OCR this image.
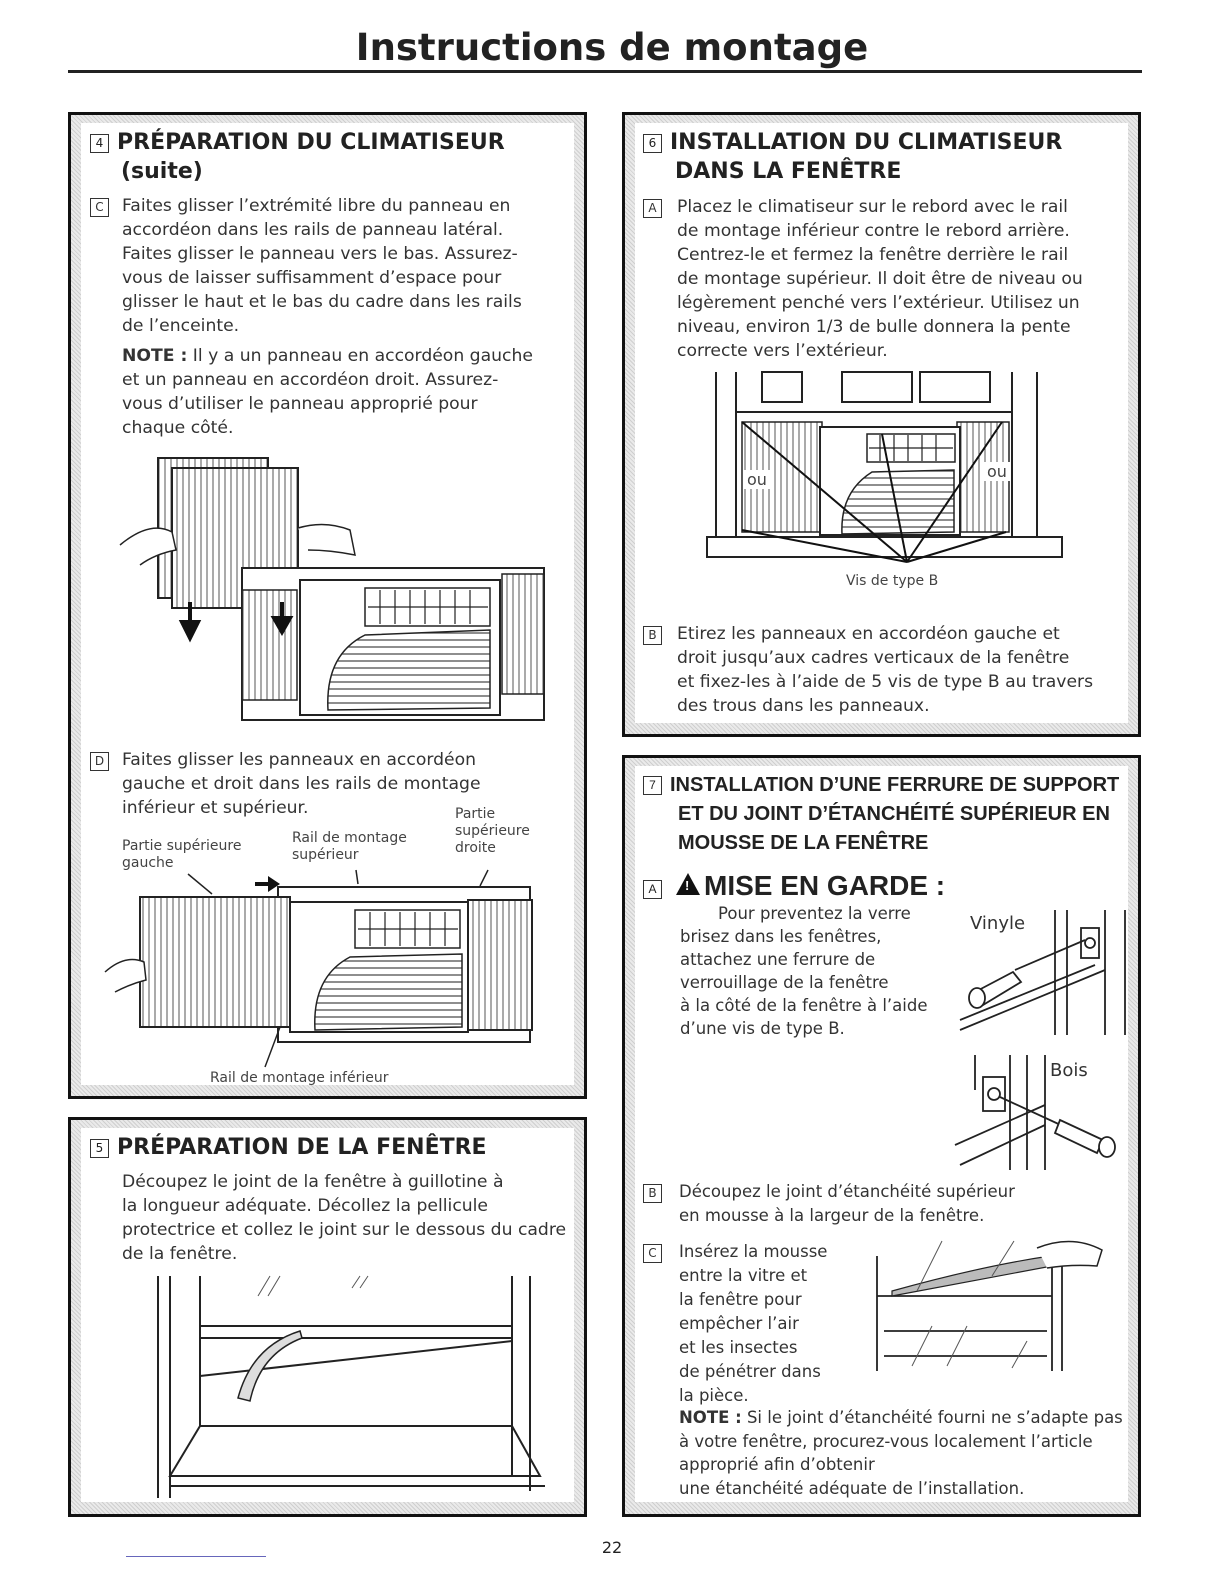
Instructions de montage
4 PRÉPARATION DU CLIMATISEUR
(suite)
C	Faites glisser l’extrémité libre du panneau en
accordéon dans les rails de panneau latéral.
Faites glisser le panneau vers le bas. Assurez-
vous de laisser suffisamment d’espace pour
glisser le haut et le bas du cadre dans les rails
de l’enceinte.
NOTE : Il y a un panneau en accordéon gauche
et un panneau en accordéon droit. Assurez-
vous d’utiliser le panneau approprié pour
chaque côté.
D	Faites glisser les panneaux en accordéon
gauche et droit dans les rails de montage
inférieur et supérieur.
Partie supérieure
gauche
Rail de montage
supérieur
Partie
supérieure
droite
Rail de montage inférieur
5 PRÉPARATION DE LA FENÊTRE
Découpez le joint de la fenêtre à guillotine à
la longueur adéquate. Décollez la pellicule
protectrice et collez le joint sur le dessous du cadre
de la fenêtre.
6 INSTALLATION DU CLIMATISEUR
DANS LA FENÊTRE
A	Placez le climatiseur sur le rebord avec le rail
de montage inférieur contre le rebord arrière.
Centrez-le et fermez la fenêtre derrière le rail
de montage supérieur. Il doit être de niveau ou
légèrement penché vers l’extérieur. Utilisez un
niveau, environ 1/3 de bulle donnera la pente
correcte vers l’extérieur.
ou	ou
Vis de type B
B	Etirez les panneaux en accordéon gauche et
droit jusqu’aux cadres verticaux de la fenêtre
et fixez-les à l’aide de 5 vis de type B au travers
des trous dans les panneaux.
7 INSTALLATION D’UNE FERRURE DE SUPPORT
ET DU JOINT D’ÉTANCHÉITÉ SUPÉRIEUR EN
MOUSSE DE LA FENÊTRE
A ! MISE EN GARDE :
Pour preventez la verre
brisez dans les fenêtres,
attachez une ferrure de
verrouillage de la fenêtre
à la côté de la fenêtre à l’aide
d’une vis de type B.
Vinyle
Bois
B	Découpez le joint d’étanchéité supérieur
en mousse à la largeur de la fenêtre.
C	Insérez la mousse
entre la vitre et
la fenêtre pour
empêcher l’air
et les insectes
de pénétrer dans
la pièce.
NOTE : Si le joint d’étanchéité fourni ne s’adapte pas
à votre fenêtre, procurez-vous localement l’article
approprié afin d’obtenir
une étanchéité adéquate de l’installation.
22
